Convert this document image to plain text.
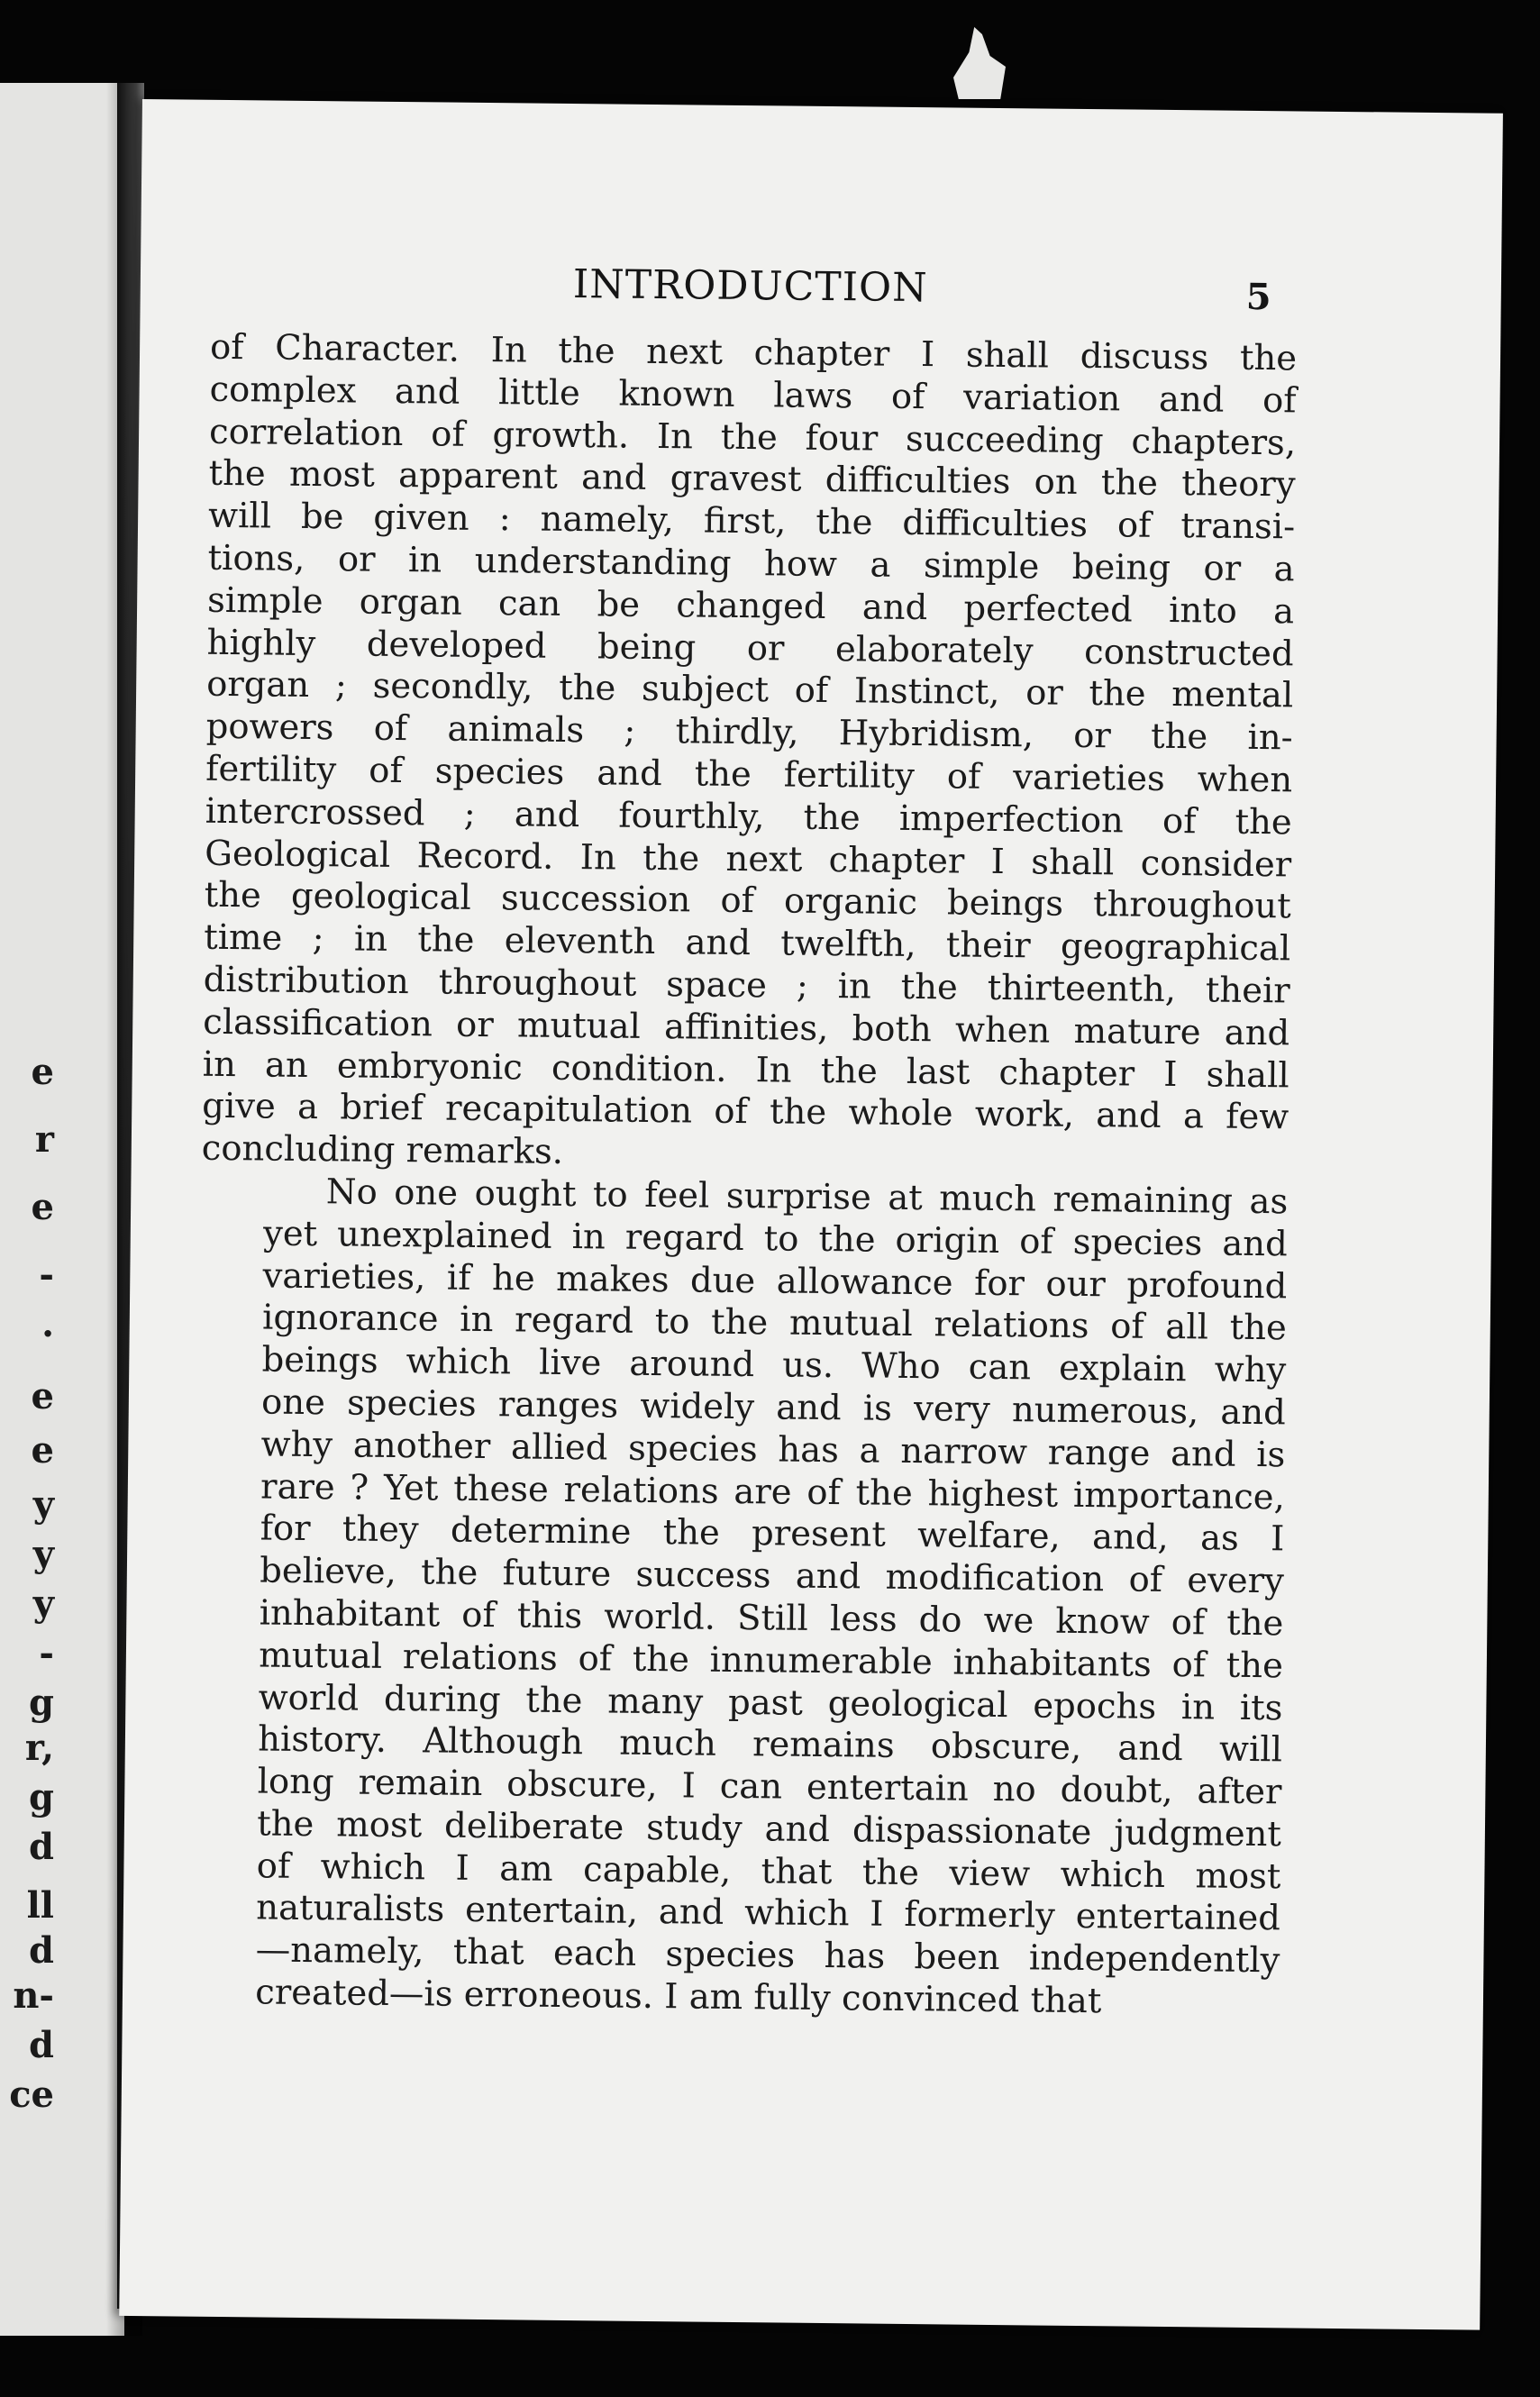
e
r
e
-
.
e
e
y
y
y
-
g
r,
g
d
ll
d
n-
d
ce
INTRODUCTION	5
of Character. In the next chapter I shall discuss the
complex and little known laws of variation and of
correlation of growth. In the four succeeding chapters,
the most apparent and gravest difficulties on the theory
will be given : namely, first, the difficulties of transi-
tions, or in understanding how a simple being or a
simple organ can be changed and perfected into a
highly developed being or elaborately constructed
organ ; secondly, the subject of Instinct, or the mental
powers of animals ; thirdly, Hybridism, or the in-
fertility of species and the fertility of varieties when
intercrossed ; and fourthly, the imperfection of the
Geological Record. In the next chapter I shall consider
the geological succession of organic beings throughout
time ; in the eleventh and twelfth, their geographical
distribution throughout space ; in the thirteenth, their
classification or mutual affinities, both when mature and
in an embryonic condition. In the last chapter I shall
give a brief recapitulation of the whole work, and a few
concluding remarks.
No one ought to feel surprise at much remaining as
yet unexplained in regard to the origin of species and
varieties, if he makes due allowance for our profound
ignorance in regard to the mutual relations of all the
beings which live around us. Who can explain why
one species ranges widely and is very numerous, and
why another allied species has a narrow range and is
rare ? Yet these relations are of the highest importance,
for they determine the present welfare, and, as I
believe, the future success and modification of every
inhabitant of this world. Still less do we know of the
mutual relations of the innumerable inhabitants of the
world during the many past geological epochs in its
history. Although much remains obscure, and will
long remain obscure, I can entertain no doubt, after
the most deliberate study and dispassionate judgment
of which I am capable, that the view which most
naturalists entertain, and which I formerly entertained
—namely, that each species has been independently
created—is erroneous. I am fully convinced that
